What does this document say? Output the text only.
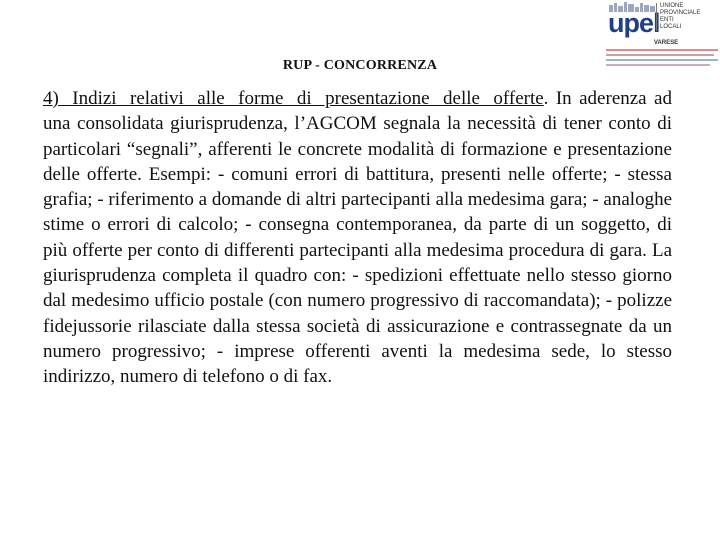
upel
UNIONE
PROVINCIALE
ENTI
LOCALI
VARESE
RUP - CONCORRENZA

4) Indizi relativi alle forme di presentazione delle offerte. In aderenza ad una consolidata giurisprudenza, l’AGCOM segnala la necessità di tener conto di particolari “segnali”, afferenti le concrete modalità di formazione e presentazione delle offerte. Esempi: - comuni errori di battitura, presenti nelle offerte; - stessa grafia; - riferimento a domande di altri partecipanti alla medesima gara; - analoghe stime o errori di calcolo; - consegna contemporanea, da parte di un soggetto, di più offerte per conto di differenti partecipanti alla medesima procedura di gara. La giurisprudenza completa il quadro con: - spedizioni effettuate nello stesso giorno dal medesimo ufficio postale (con numero progressivo di raccomandata); - polizze fidejussorie rilasciate dalla stessa società di assicurazione e contrassegnate da un numero progressivo; - imprese offerenti aventi la medesima sede, lo stesso indirizzo, numero di telefono o di fax.
